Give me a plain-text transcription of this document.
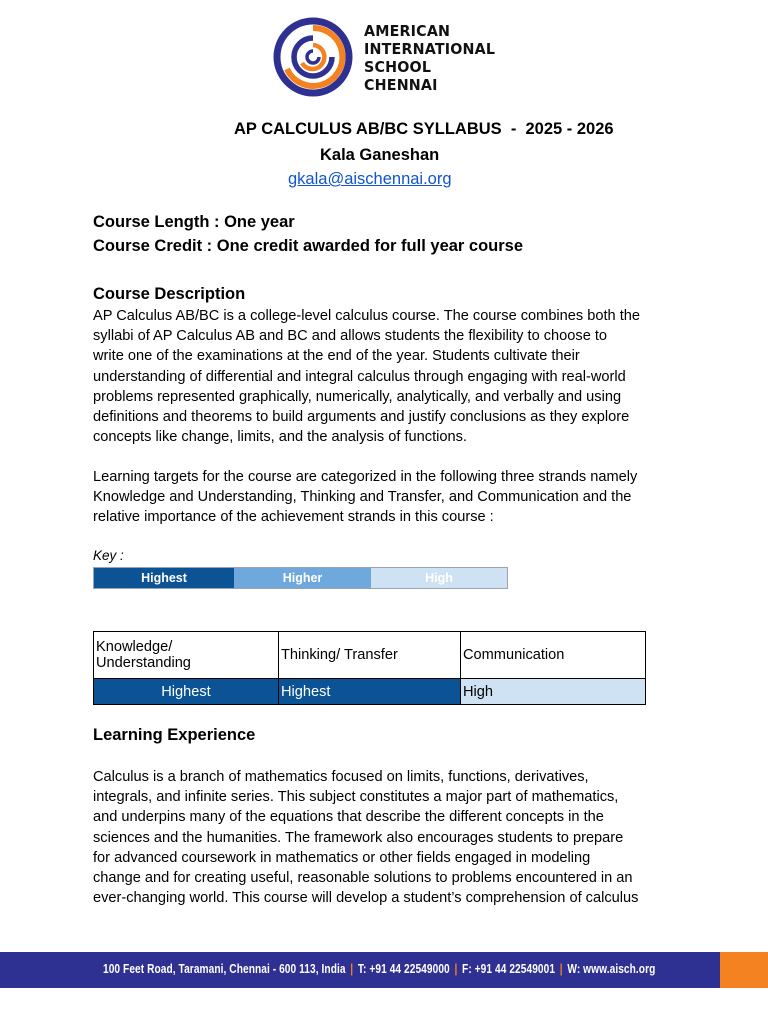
AMERICAN
INTERNATIONAL
SCHOOL
CHENNAI
AP CALCULUS AB/BC SYLLABUS  -  2025 - 2026
Kala Ganeshan
gkala@aischennai.org
Course Length : One year
Course Credit : One credit awarded for full year course
Course Description
AP Calculus AB/BC is a college-level calculus course. The course combines both the
syllabi of AP Calculus AB and BC and allows students the flexibility to choose to
write one of the examinations at the end of the year. Students cultivate their
understanding of differential and integral calculus through engaging with real-world
problems represented graphically, numerically, analytically, and verbally and using
definitions and theorems to build arguments and justify conclusions as they explore
concepts like change, limits, and the analysis of functions.
Learning targets for the course are categorized in the following three strands namely
Knowledge and Understanding, Thinking and Transfer, and Communication and the
relative importance of the achievement strands in this course :
Key :
Highest	Higher	High
Knowledge/
Understanding	Thinking/ Transfer	Communication
Highest	Highest	High
Learning Experience
Calculus is a branch of mathematics focused on limits, functions, derivatives,
integrals, and infinite series. This subject constitutes a major part of mathematics,
and underpins many of the equations that describe the different concepts in the
sciences and the humanities. The framework also encourages students to prepare
for advanced coursework in mathematics or other fields engaged in modeling
change and for creating useful, reasonable solutions to problems encountered in an
ever-changing world. This course will develop a student’s comprehension of calculus
100 Feet Road, Taramani, Chennai - 600 113, India | T: +91 44 22549000 | F: +91 44 22549001 | W: www.aisch.org
